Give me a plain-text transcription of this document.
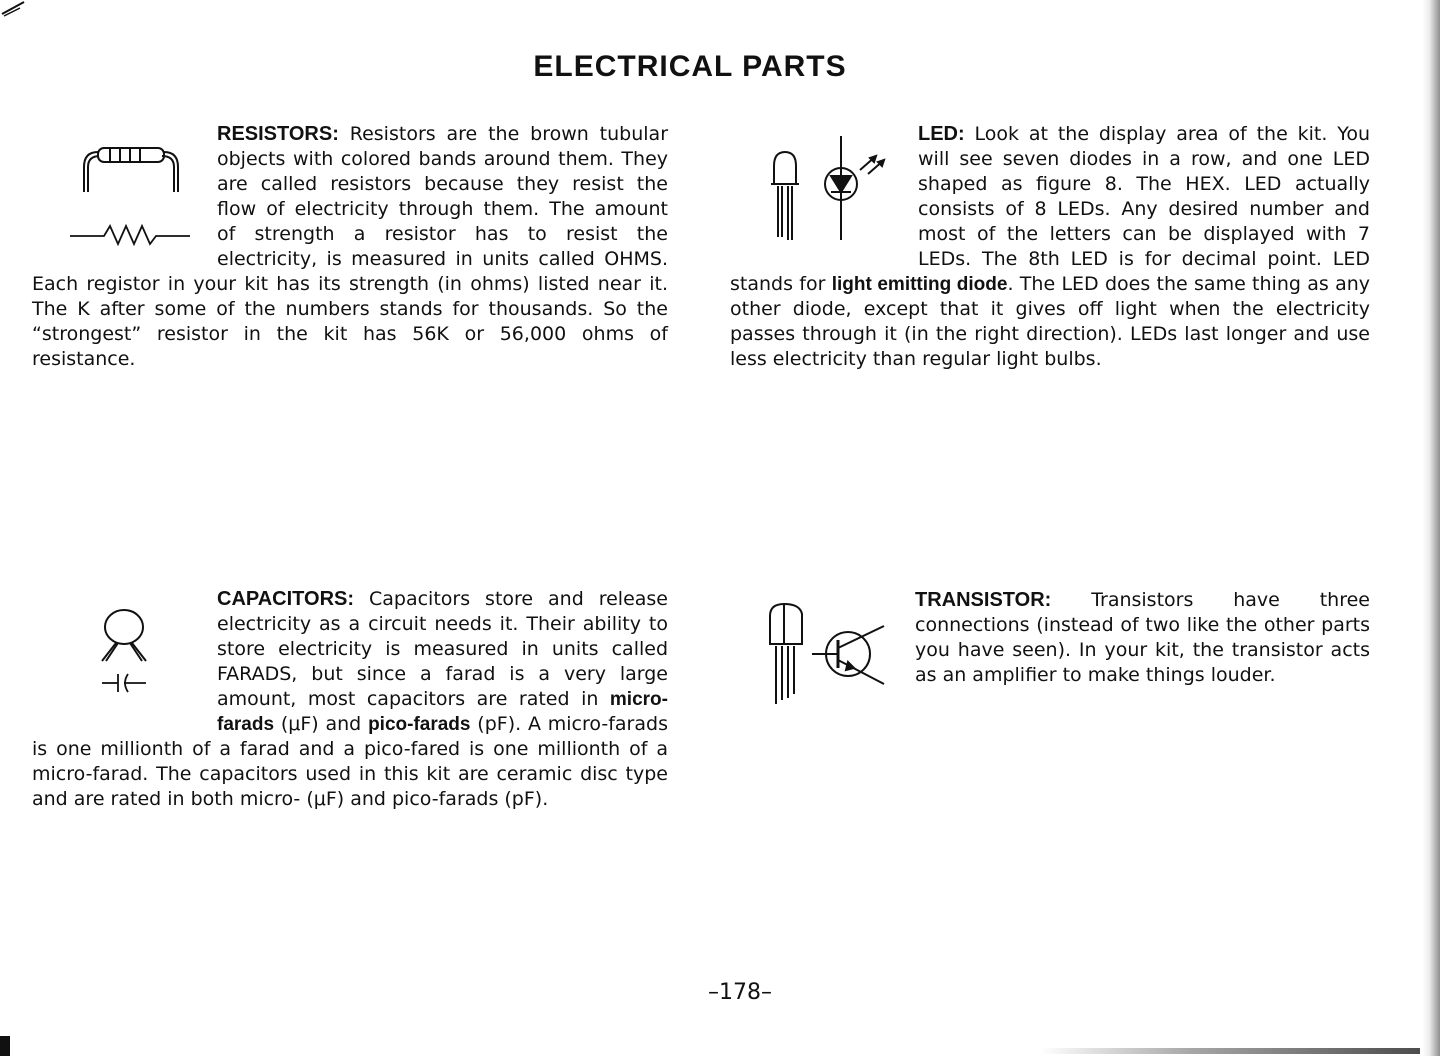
ELECTRICAL PARTS
RESISTORS: Resistors are the brown tubular objects with colored bands around them. They are called resistors because they resist the flow of electricity through them. The amount of strength a resistor has to resist the electricity, is measured in units called OHMS. Each registor in your kit has its strength (in ohms) listed near it. The K after some of the numbers stands for thousands. So the “strongest” resistor in the kit has 56K or 56,000 ohms of resistance.
LED: Look at the display area of the kit. You will see seven diodes in a row, and one LED shaped as figure 8. The HEX. LED actually consists of 8 LEDs. Any desired number and most of the letters can be displayed with 7 LEDs. The 8th LED is for decimal point. LED stands for light emitting diode. The LED does the same thing as any other diode, except that it gives off light when the electricity passes through it (in the right direction). LEDs last longer and use less electricity than regular light bulbs.
CAPACITORS: Capacitors store and release electricity as a circuit needs it. Their ability to store electricity is measured in units called FARADS, but since a farad is a very large amount, most capacitors are rated in micro-farads (μF) and pico-farads (pF). A micro-farads is one millionth of a farad and a pico-fared is one millionth of a micro-farad. The capacitors used in this kit are ceramic disc type and are rated in both micro- (μF) and pico-farads (pF).
TRANSISTOR: Transistors have three connections (instead of two like the other parts you have seen). In your kit, the transistor acts as an amplifier to make things louder.
–178–
